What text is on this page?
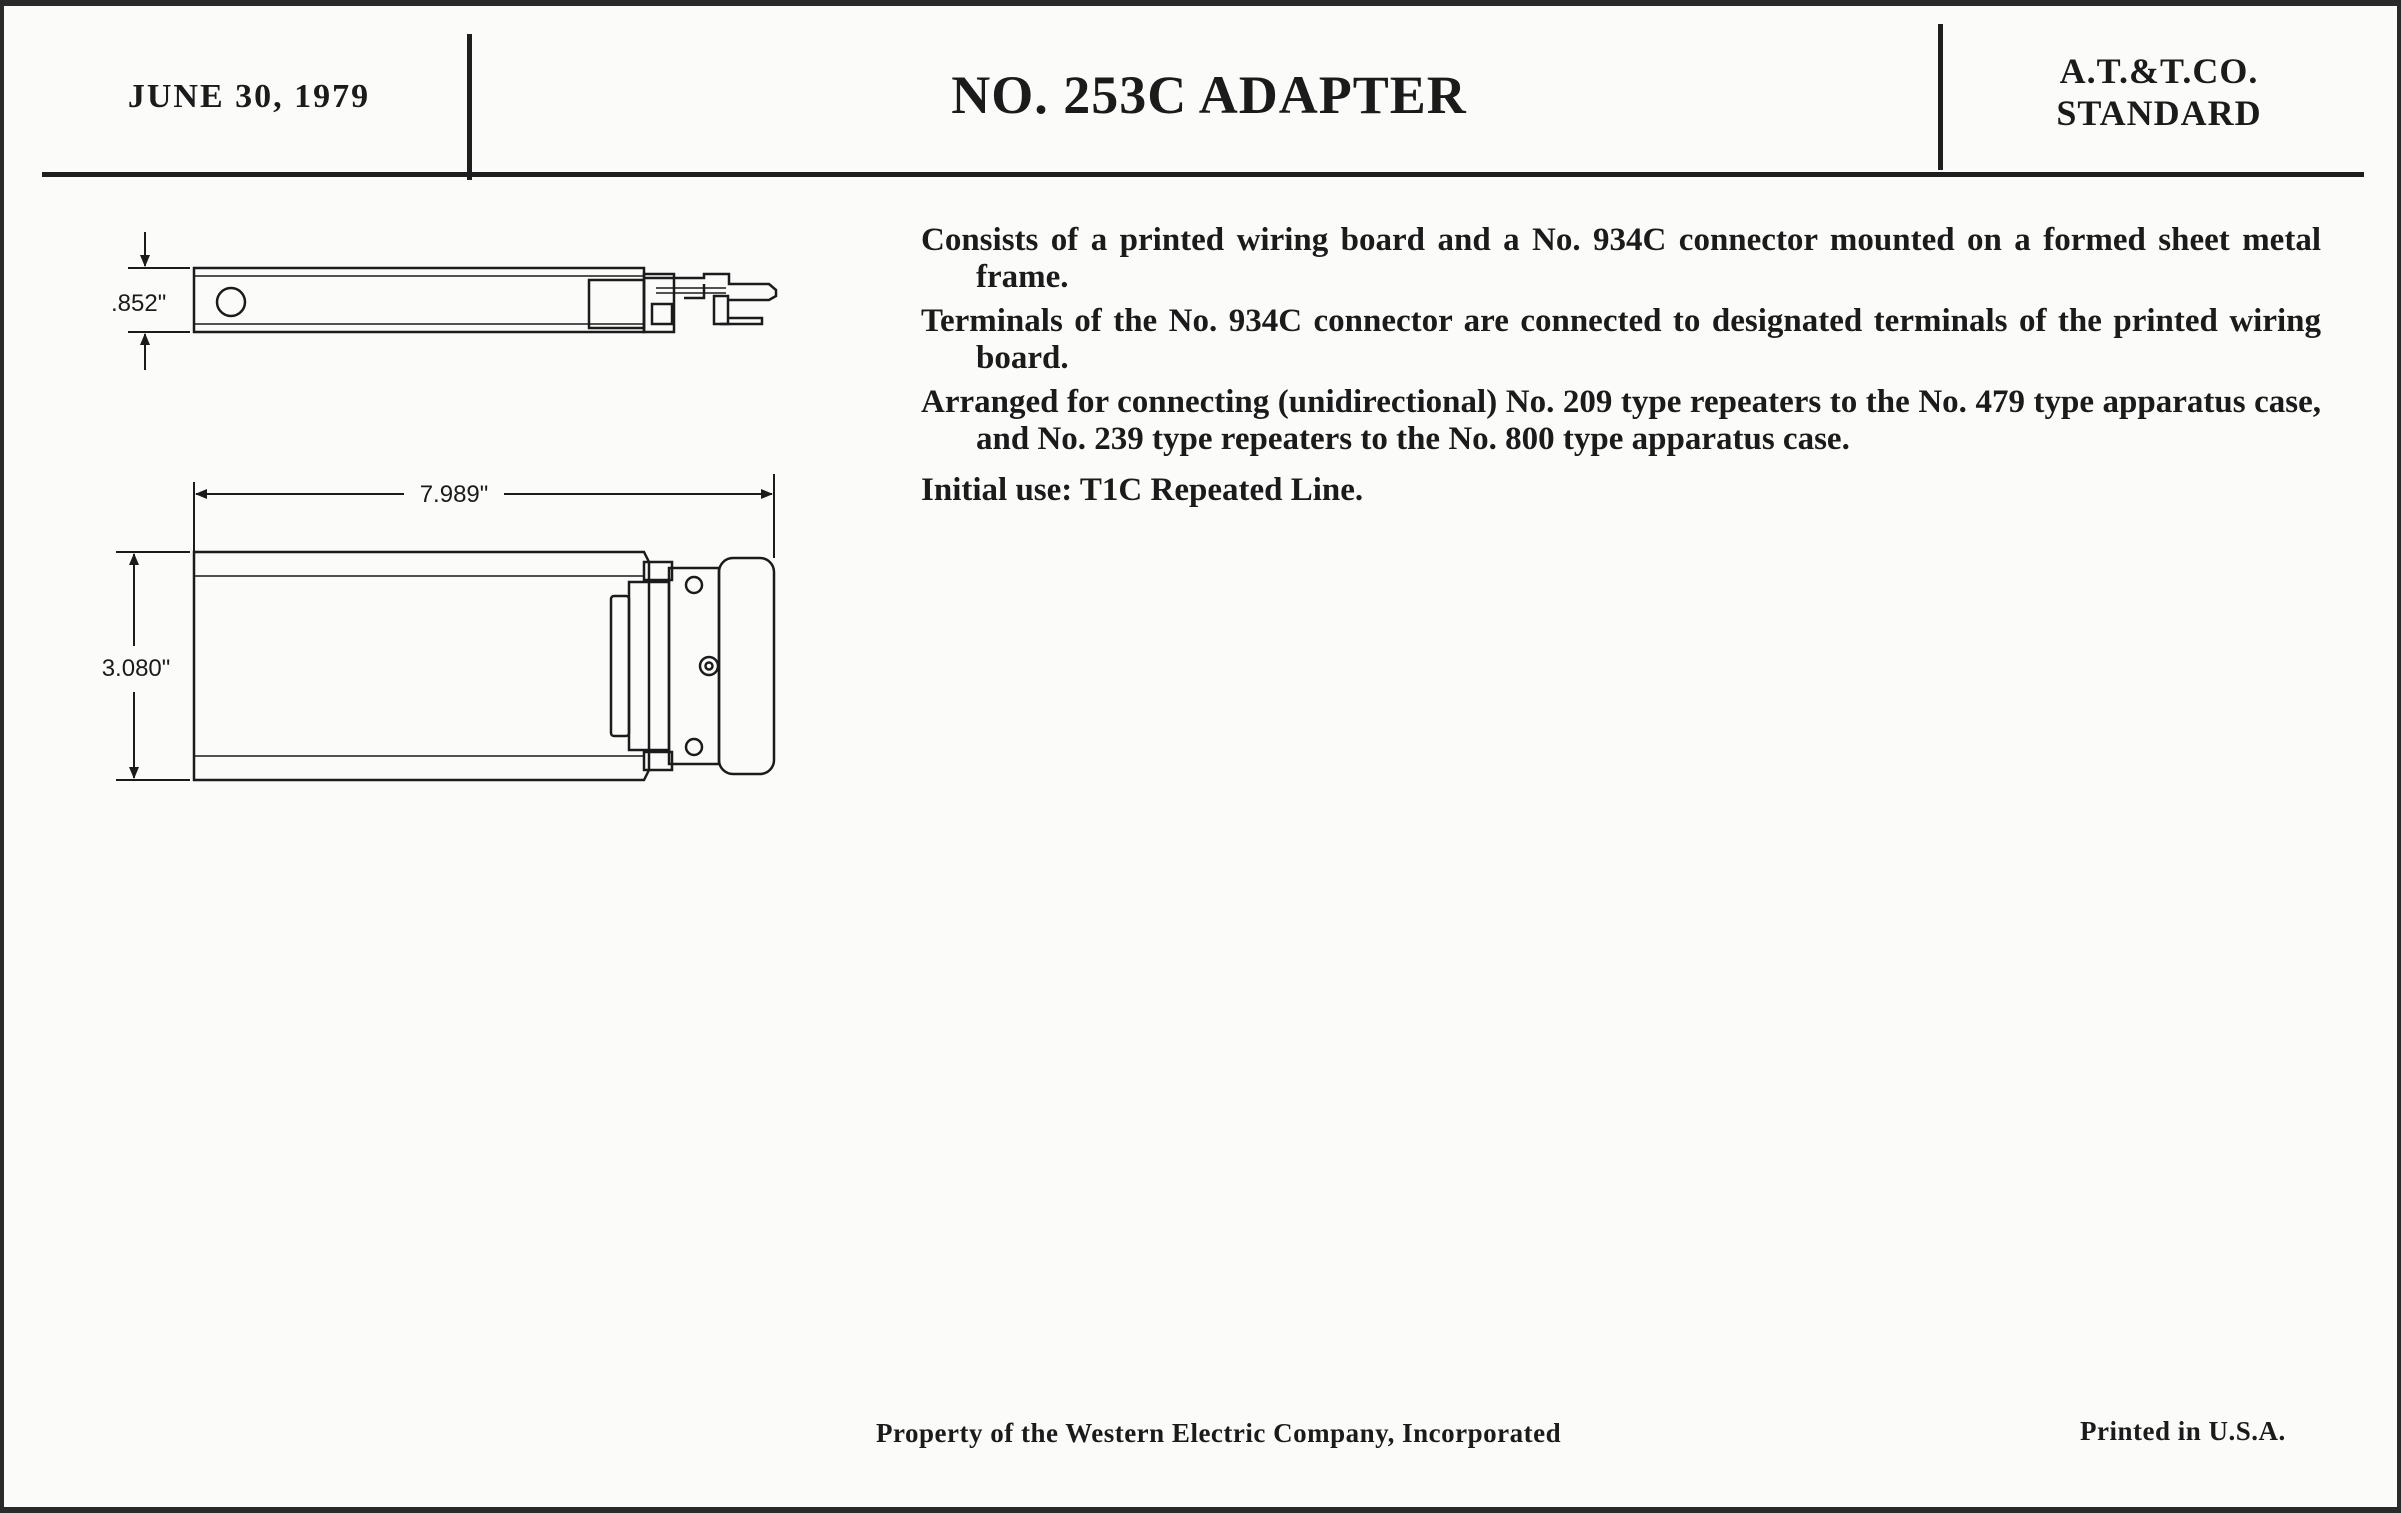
JUNE 30, 1979	NO. 253C ADAPTER	A.T.&T.CO.
STANDARD
.852"
7.989"
3.080"

Consists of a printed wiring board and a No. 934C connector mounted on a formed sheet metal frame.

Terminals of the No. 934C connector are connected to designated terminals of the printed wiring board.

Arranged for connecting (unidirectional) No. 209 type repeaters to the No. 479 type apparatus case, and No. 239 type repeaters to the No. 800 type apparatus case.

Initial use: T1C Repeated Line.

Property of the Western Electric Company, Incorporated	Printed in U.S.A.
